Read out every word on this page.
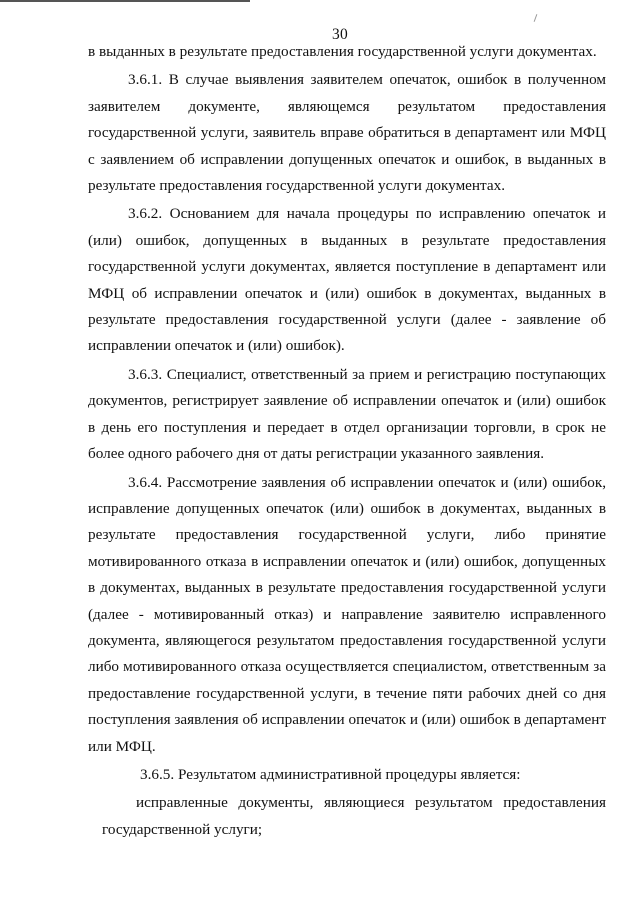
30

в выданных в результате предоставления государственной услуги документах.

3.6.1. В случае выявления заявителем опечаток, ошибок в полученном заявителем документе, являющемся результатом предоставления государственной услуги, заявитель вправе обратиться в департамент или МФЦ с заявлением об исправлении допущенных опечаток и ошибок, в выданных в результате предоставления государственной услуги документах.

3.6.2. Основанием для начала процедуры по исправлению опечаток и (или) ошибок, допущенных в выданных в результате предоставления государственной услуги документах, является поступление в департамент или МФЦ об исправлении опечаток и (или) ошибок в документах, выданных в результате предоставления государственной услуги (далее - заявление об исправлении опечаток и (или) ошибок).

3.6.3. Специалист, ответственный за прием и регистрацию поступающих документов, регистрирует заявление об исправлении опечаток и (или) ошибок в день его поступления и передает в отдел организации торговли, в срок не более одного рабочего дня от даты регистрации указанного заявления.

3.6.4. Рассмотрение заявления об исправлении опечаток и (или) ошибок, исправление допущенных опечаток (или) ошибок в документах, выданных в результате предоставления государственной услуги, либо принятие мотивированного отказа в исправлении опечаток и (или) ошибок, допущенных в документах, выданных в результате предоставления государственной услуги (далее - мотивированный отказ) и направление заявителю исправленного документа, являющегося результатом предоставления государственной услуги либо мотивированного отказа осуществляется специалистом, ответственным за предоставление государственной услуги, в течение пяти рабочих дней со дня поступления заявления об исправлении опечаток и (или) ошибок в департамент или МФЦ.

3.6.5. Результатом административной процедуры является:

исправленные документы, являющиеся результатом предоставления государственной услуги;
